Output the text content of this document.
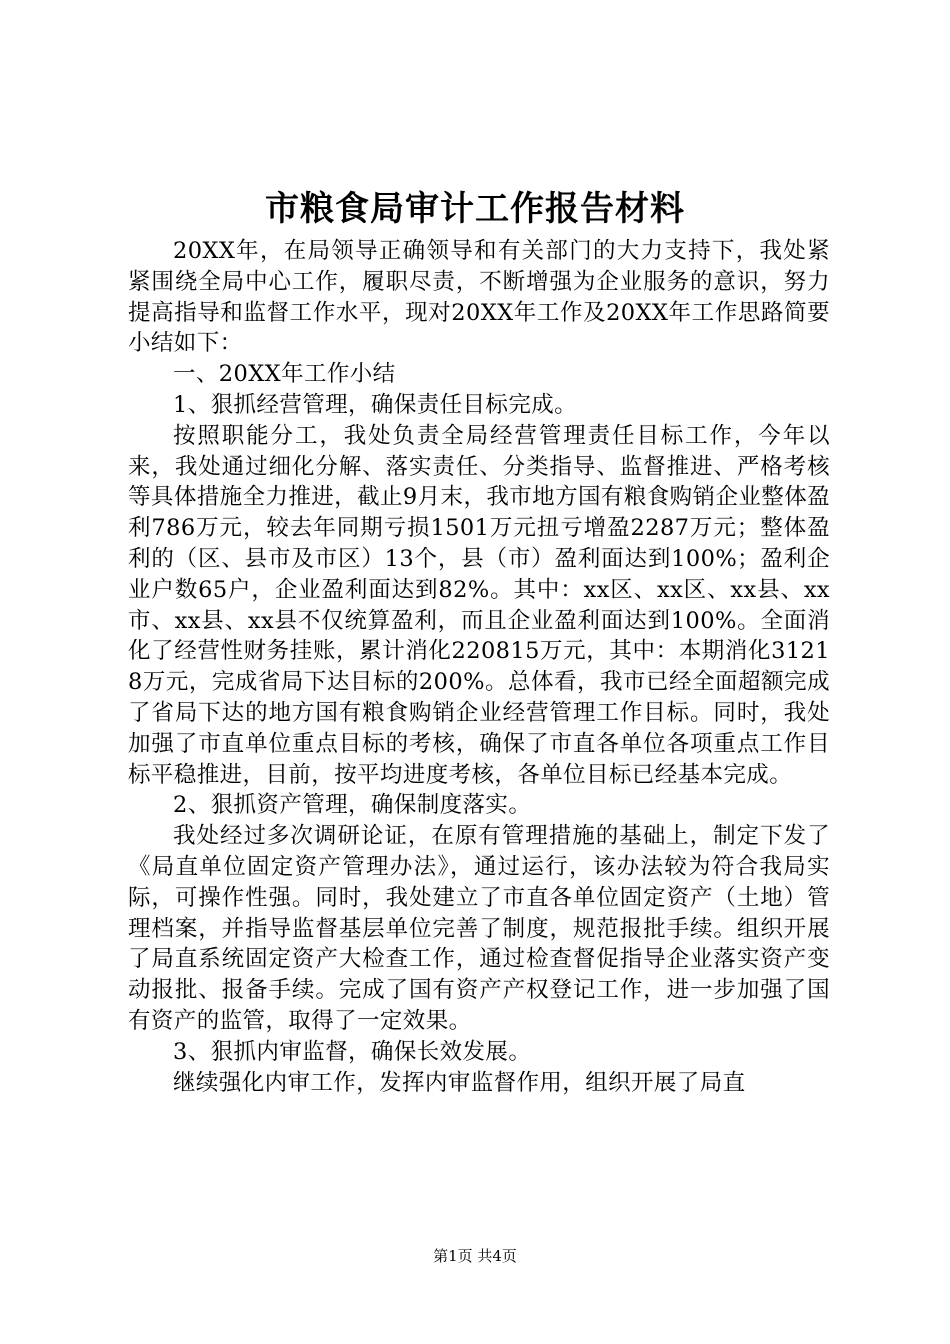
市粮食局审计工作报告材料

20XX年，在局领导正确领导和有关部门的大力支持下，我处紧紧围绕全局中心工作，履职尽责，不断增强为企业服务的意识，努力提高指导和监督工作水平，现对20XX年工作及20XX年工作思路简要小结如下：

一、20XX年工作小结

1、狠抓经营管理，确保责任目标完成。

按照职能分工，我处负责全局经营管理责任目标工作，今年以来，我处通过细化分解、落实责任、分类指导、监督推进、严格考核等具体措施全力推进，截止9月末，我市地方国有粮食购销企业整体盈利786万元，较去年同期亏损1501万元扭亏增盈2287万元；整体盈利的（区、县市及市区）13个，县（市）盈利面达到100%；盈利企业户数65户，企业盈利面达到82%。其中：xx区、xx区、xx县、xx市、xx县、xx县不仅统算盈利，而且企业盈利面达到100%。全面消化了经营性财务挂账，累计消化220815万元，其中：本期消化31218万元，完成省局下达目标的200%。总体看，我市已经全面超额完成了省局下达的地方国有粮食购销企业经营管理工作目标。同时，我处加强了市直单位重点目标的考核，确保了市直各单位各项重点工作目标平稳推进，目前，按平均进度考核，各单位目标已经基本完成。

2、狠抓资产管理，确保制度落实。

我处经过多次调研论证，在原有管理措施的基础上，制定下发了《局直单位固定资产管理办法》，通过运行，该办法较为符合我局实际，可操作性强。同时，我处建立了市直各单位固定资产（土地）管理档案，并指导监督基层单位完善了制度，规范报批手续。组织开展了局直系统固定资产大检查工作，通过检查督促指导企业落实资产变动报批、报备手续。完成了国有资产产权登记工作，进一步加强了国有资产的监管，取得了一定效果。

3、狠抓内审监督，确保长效发展。

继续强化内审工作，发挥内审监督作用，组织开展了局直

第1页 共4页
